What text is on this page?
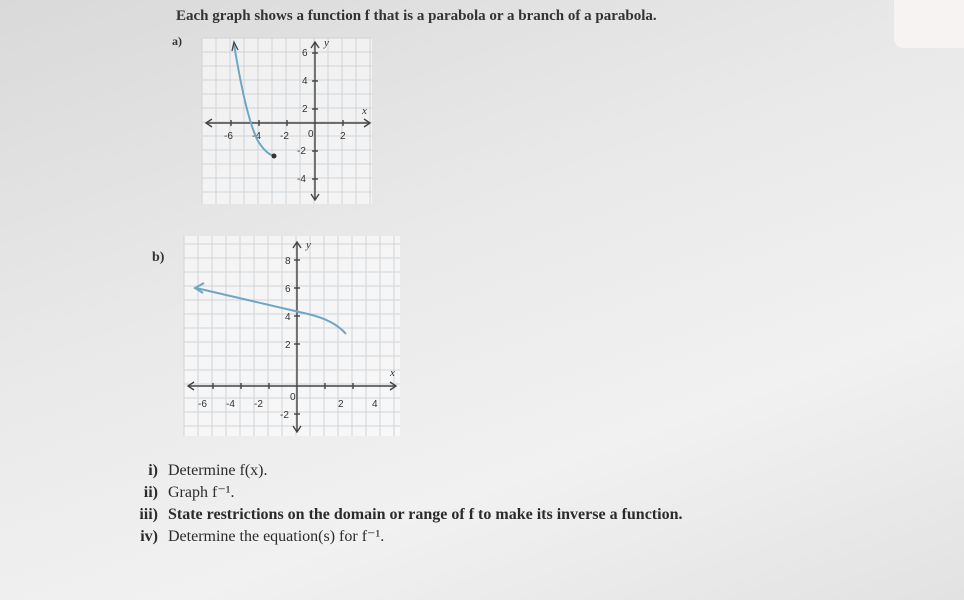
Each graph shows a function f that is a parabola or a branch of a parabola.
a)
-6 -4 -2 0	2
6
4
2
-2
-4
x
y
b)
-6 -4 -2
0
2	4
8
6
4
2
-2
x
y
i) Determine f(x).
ii) Graph f⁻¹.
iii) State restrictions on the domain or range of f to make its inverse a function.
iv) Determine the equation(s) for f⁻¹.
